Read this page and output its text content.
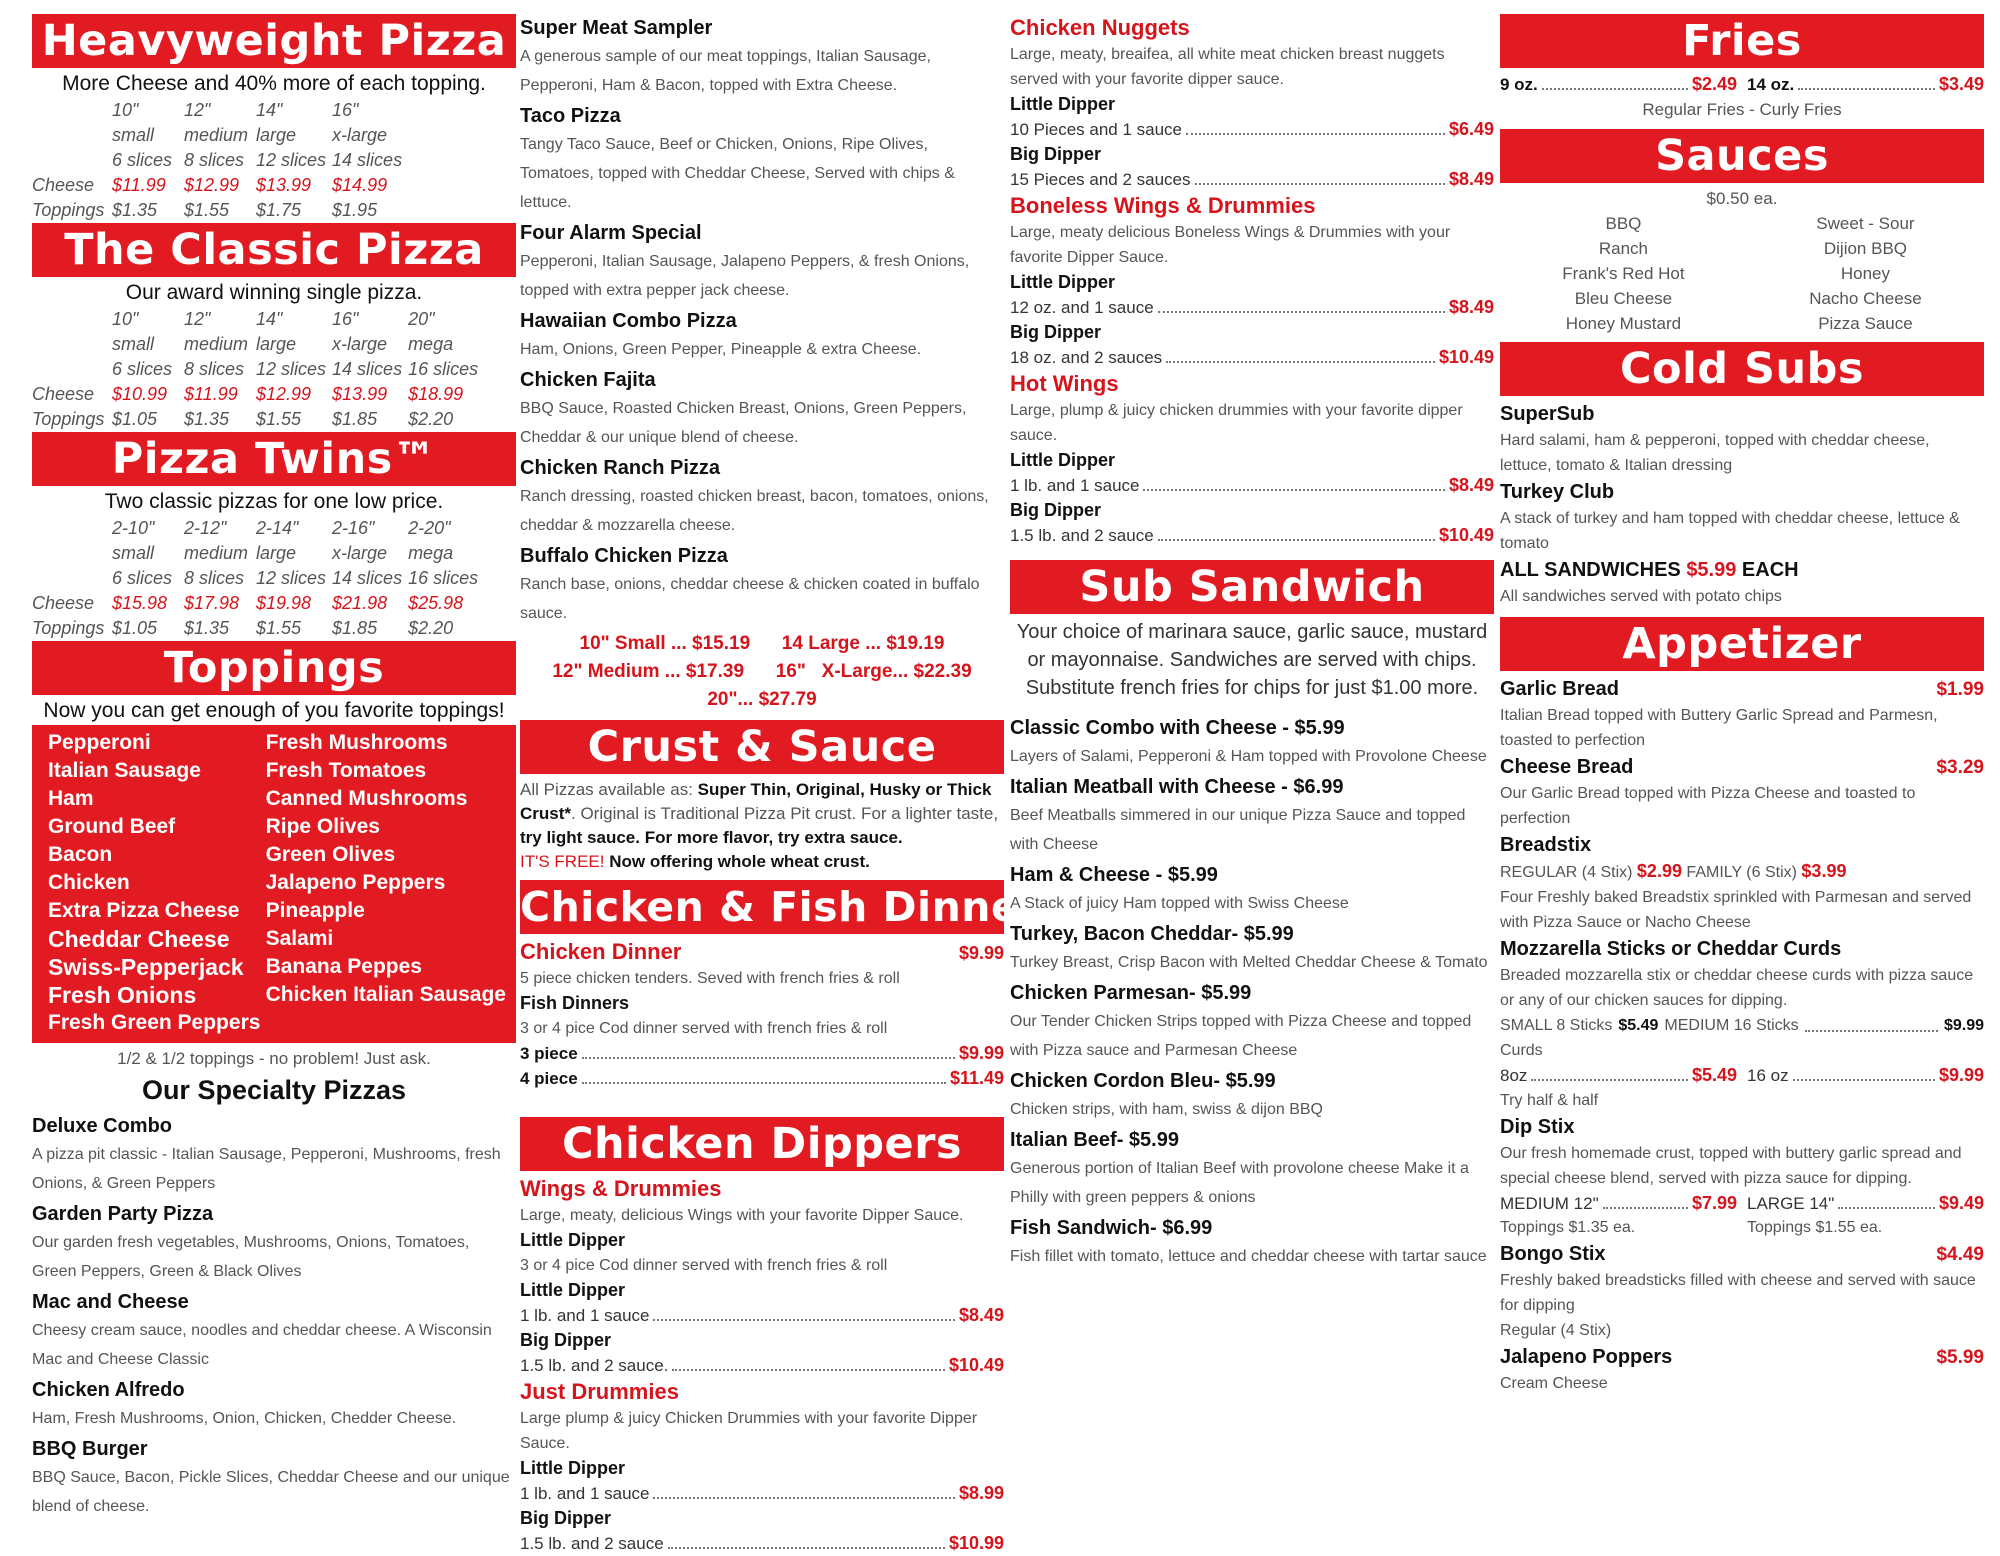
Heavyweight Pizza
More Cheese and 40% more of each topping.
	10"	12"	14"	16"
	small	medium	large	x-large
	6 slices	8 slices	12 slices	14 slices
Cheese	$11.99	$12.99	$13.99	$14.99
Toppings	$1.35	$1.55	$1.75	$1.95
The Classic Pizza
Our award winning single pizza.
	10"	12"	14"	16"	20"
	small	medium	large	x-large	mega
	6 slices	8 slices	12 slices	14 slices	16 slices
Cheese	$10.99	$11.99	$12.99	$13.99	$18.99
Toppings	$1.05	$1.35	$1.55	$1.85	$2.20
Pizza Twins™
Two classic pizzas for one low price.
	2-10"	2-12"	2-14"	2-16"	2-20"
	small	medium	large	x-large	mega
	6 slices	8 slices	12 slices	14 slices	16 slices
Cheese	$15.98	$17.98	$19.98	$21.98	$25.98
Toppings	$1.05	$1.35	$1.55	$1.85	$2.20
Toppings
Now you can get enough of you favorite toppings!
Pepperoni
Italian Sausage
Ham
Ground Beef
Bacon
Chicken
Extra Pizza Cheese
Cheddar Cheese
Swiss-Pepperjack
Fresh Onions
Fresh Green Peppers
Fresh Mushrooms
Fresh Tomatoes
Canned Mushrooms
Ripe Olives
Green Olives
Jalapeno Peppers
Pineapple
Salami
Banana Peppes
Chicken Italian Sausage
1/2 & 1/2 toppings - no problem! Just ask.
Our Specialty Pizzas
Deluxe Combo
A pizza pit classic - Italian Sausage, Pepperoni, Mushrooms, fresh Onions, & Green Peppers
Garden Party Pizza
Our garden fresh vegetables, Mushrooms, Onions, Tomatoes, Green Peppers, Green & Black Olives
Mac and Cheese
Cheesy cream sauce, noodles and cheddar cheese. A Wisconsin Mac and Cheese Classic
Chicken Alfredo
Ham, Fresh Mushrooms, Onion, Chicken, Chedder Cheese.
BBQ Burger
BBQ Sauce, Bacon, Pickle Slices, Cheddar Cheese and our unique blend of cheese.
Super Meat Sampler
A generous sample of our meat toppings, Italian Sausage, Pepperoni, Ham & Bacon, topped with Extra Cheese.
Taco Pizza
Tangy Taco Sauce, Beef or Chicken, Onions, Ripe Olives, Tomatoes, topped with Cheddar Cheese, Served with chips & lettuce.
Four Alarm Special
Pepperoni, Italian Sausage, Jalapeno Peppers, & fresh Onions, topped with extra pepper jack cheese.
Hawaiian Combo Pizza
Ham, Onions, Green Pepper, Pineapple & extra Cheese.
Chicken Fajita
BBQ Sauce, Roasted Chicken Breast, Onions, Green Peppers, Cheddar & our unique blend of cheese.
Chicken Ranch Pizza
Ranch dressing, roasted chicken breast, bacon, tomatoes, onions, cheddar & mozzarella cheese.
Buffalo Chicken Pizza
Ranch base, onions, cheddar cheese & chicken coated in buffalo sauce.
10" Small ... $15.19      14 Large ... $19.19
12" Medium ... $17.39      16"   X-Large... $22.39
20"... $27.79
Crust & Sauce
All Pizzas available as: Super Thin, Original, Husky or Thick Crust*. Original is Traditional Pizza Pit crust. For a lighter taste, try light sauce. For more flavor, try extra sauce.
IT'S FREE! Now offering whole wheat crust.
Chicken & Fish Dinners
Chicken Dinner	$9.99
5 piece chicken tenders. Seved with french fries & roll
Fish Dinners
3 or 4 pice Cod dinner served with french fries & roll
3 piece	$9.99
4 piece	$11.49
Chicken Dippers
Wings & Drummies
Large, meaty, delicious Wings with your favorite Dipper Sauce.
Little Dipper
3 or 4 pice Cod dinner served with french fries & roll
Little Dipper
1 lb. and 1 sauce	$8.49
Big Dipper
1.5 lb. and 2 sauce.	$10.49
Just Drummies
Large plump & juicy Chicken Drummies with your favorite Dipper Sauce.
Little Dipper
1 lb. and 1 sauce	$8.99
Big Dipper
1.5 lb. and 2 sauce	$10.99
Chicken Nuggets
Large, meaty, breaifea, all white meat chicken breast nuggets served with your favorite dipper sauce.
Little Dipper
10 Pieces and 1 sauce	$6.49
Big Dipper
15 Pieces and 2 sauces	$8.49
Boneless Wings & Drummies
Large, meaty delicious Boneless Wings & Drummies with your favorite Dipper Sauce.
Little Dipper
12 oz. and 1 sauce	$8.49
Big Dipper
18 oz. and 2 sauces	$10.49
Hot Wings
Large, plump & juicy chicken drummies with your favorite dipper sauce.
Little Dipper
1 lb. and 1 sauce	$8.49
Big Dipper
1.5 lb. and 2 sauce	$10.49
Sub Sandwich
Your choice of marinara sauce, garlic sauce, mustard or mayonnaise. Sandwiches are served with chips. Substitute french fries for chips for just $1.00 more.
Classic Combo with Cheese - $5.99
Layers of Salami, Pepperoni & Ham topped with Provolone Cheese
Italian Meatball with Cheese - $6.99
Beef Meatballs simmered in our unique Pizza Sauce and topped with Cheese
Ham & Cheese - $5.99
A Stack of juicy Ham topped with Swiss Cheese
Turkey, Bacon Cheddar- $5.99
Turkey Breast, Crisp Bacon with Melted Cheddar Cheese & Tomato
Chicken Parmesan- $5.99
Our Tender Chicken Strips topped with Pizza Cheese and topped with Pizza sauce and Parmesan Cheese
Chicken Cordon Bleu- $5.99
Chicken strips, with ham, swiss & dijon BBQ
Italian Beef- $5.99
Generous portion of Italian Beef with provolone cheese Make it a Philly with green peppers & onions
Fish Sandwich- $6.99
Fish fillet with tomato, lettuce and cheddar cheese with tartar sauce
Fries
9 oz.	$2.49 14 oz.	$3.49
Regular Fries - Curly Fries
Sauces
$0.50 ea.
BBQ
Ranch
Frank's Red Hot
Bleu Cheese
Honey Mustard
Sweet - Sour
Dijion BBQ
Honey
Nacho Cheese
Pizza Sauce
Cold Subs
SuperSub
Hard salami, ham & pepperoni, topped with cheddar cheese, lettuce, tomato & Italian dressing
Turkey Club
A stack of turkey and ham topped with cheddar cheese, lettuce & tomato
ALL SANDWICHES $5.99 EACH
All sandwiches served with potato chips
Appetizer
Garlic Bread	$1.99
Italian Bread topped with Buttery Garlic Spread and Parmesn, toasted to perfection
Cheese Bread	$3.29
Our Garlic Bread topped with Pizza Cheese and toasted to perfection
Breadstix
REGULAR (4 Stix) $2.99 FAMILY (6 Stix) $3.99
Four Freshly baked Breadstix sprinkled with Parmesan and served with Pizza Sauce or Nacho Cheese
Mozzarella Sticks or Cheddar Curds
Breaded mozzarella stix or cheddar cheese curds with pizza sauce or any of our chicken sauces for dipping.
SMALL 8 Sticks $5.49 MEDIUM 16 Sticks	$9.99
Curds
8oz	$5.49 16 oz	$9.99
Try half & half
Dip Stix
Our fresh homemade crust, topped with buttery garlic spread and special cheese blend, served with pizza sauce for dipping.
MEDIUM 12"	$7.99 LARGE 14"	$9.49
Toppings $1.35 ea.	Toppings $1.55 ea.
Bongo Stix	$4.49
Freshly baked breadsticks filled with cheese and served with sauce for dipping
Regular (4 Stix)
Jalapeno Poppers	$5.99
Cream Cheese
